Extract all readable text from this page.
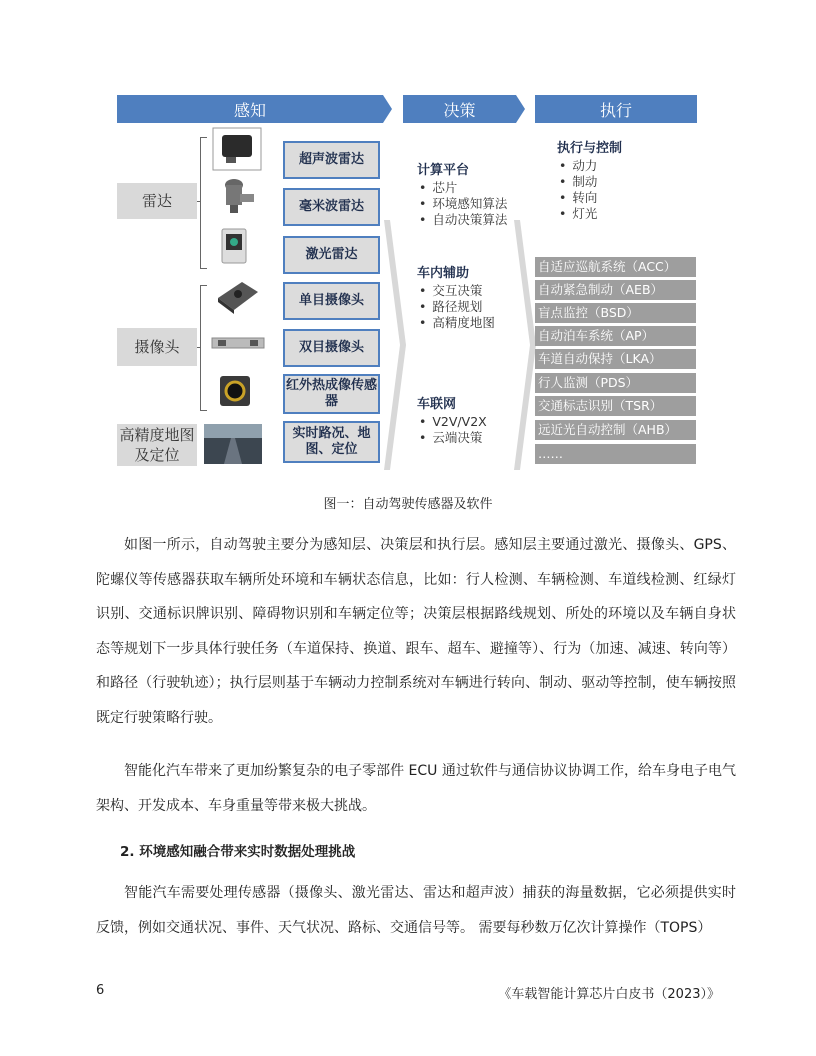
感知	决策	执行
雷达
摄像头
高精度地图
及定位
超声波雷达
毫米波雷达
激光雷达
单目摄像头
双目摄像头
红外热成像传感器
实时路况、地图、定位
计算平台
• 芯片
• 环境感知算法
• 自动决策算法
车内辅助
• 交互决策
• 路径规划
• 高精度地图
车联网
• V2V/V2X
• 云端决策
执行与控制
• 动力
• 制动
• 转向
• 灯光
自适应巡航系统（ACC）
自动紧急制动（AEB）
盲点监控（BSD）
自动泊车系统（AP）
车道自动保持（LKA）
行人监测（PDS）
交通标志识别（TSR）
远近光自动控制（AHB）
……
图一：自动驾驶传感器及软件
如图一所示，自动驾驶主要分为感知层、决策层和执行层。感知层主要通过激光、摄像头、GPS、陀螺仪等传感器获取车辆所处环境和车辆状态信息，比如：行人检测、车辆检测、车道线检测、红绿灯识别、交通标识牌识别、障碍物识别和车辆定位等；决策层根据路线规划、所处的环境以及车辆自身状态等规划下一步具体行驶任务（车道保持、换道、跟车、超车、避撞等）、行为（加速、减速、转向等）和路径（行驶轨迹）；执行层则基于车辆动力控制系统对车辆进行转向、制动、驱动等控制，使车辆按照既定行驶策略行驶。
智能化汽车带来了更加纷繁复杂的电子零部件 ECU 通过软件与通信协议协调工作，给车身电子电气架构、开发成本、车身重量等带来极大挑战。
2. 环境感知融合带来实时数据处理挑战
智能汽车需要处理传感器（摄像头、激光雷达、雷达和超声波）捕获的海量数据，它必须提供实时反馈，例如交通状况、事件、天气状况、路标、交通信号等。 需要每秒数万亿次计算操作（TOPS）
6	《车载智能计算芯片白皮书（2023）》
